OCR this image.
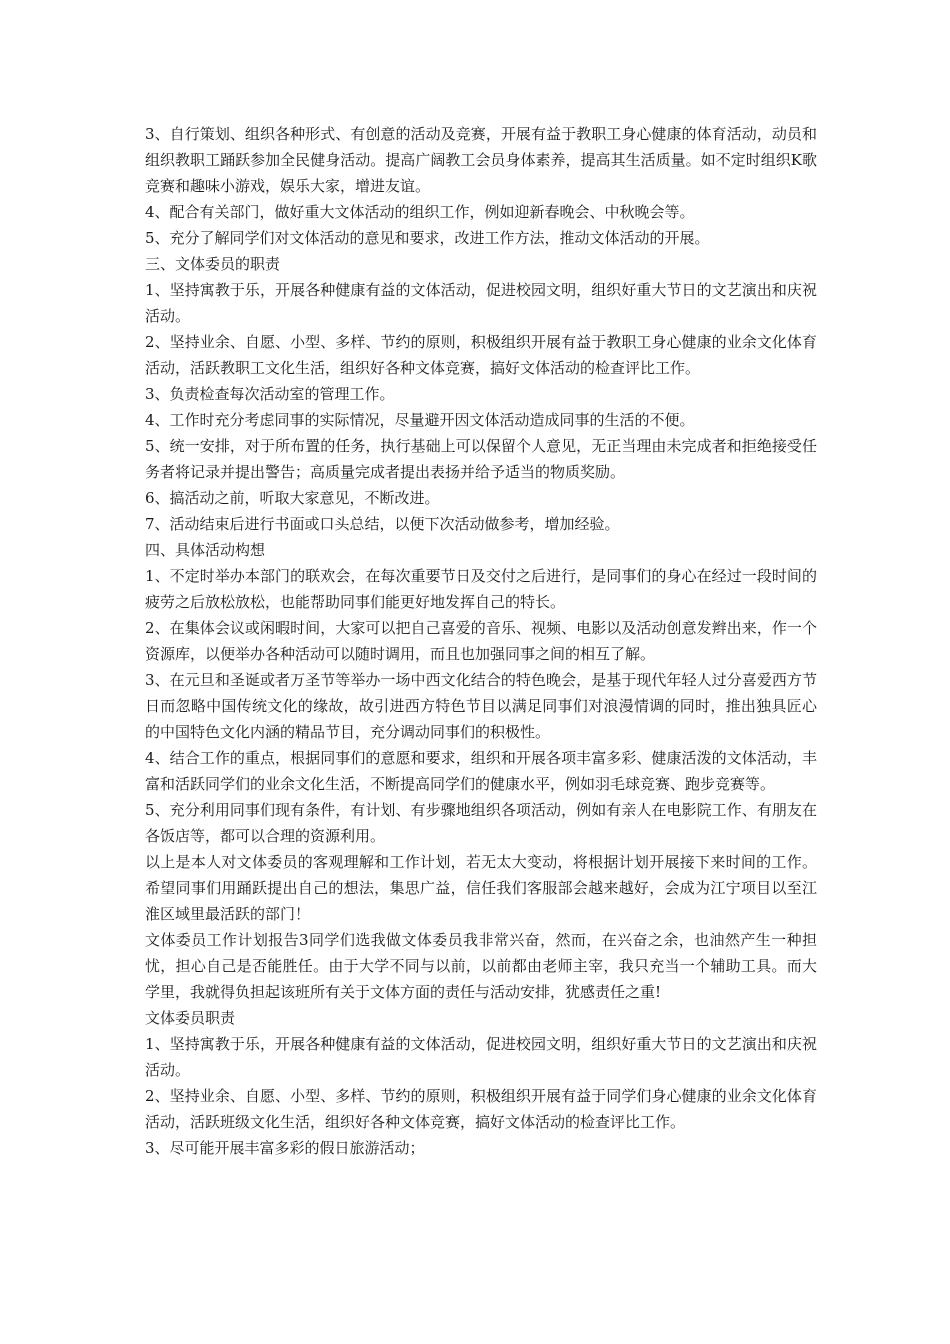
3、自行策划、组织各种形式、有创意的活动及竞赛，开展有益于教职工身心健康的体育活动，动员和组织教职工踊跃参加全民健身活动。提高广阔教工会员身体素养，提高其生活质量。如不定时组织K歌竞赛和趣味小游戏，娱乐大家，增进友谊。

4、配合有关部门，做好重大文体活动的组织工作，例如迎新春晚会、中秋晚会等。

5、充分了解同学们对文体活动的意见和要求，改进工作方法，推动文体活动的开展。

三、文体委员的职责

1、坚持寓教于乐，开展各种健康有益的文体活动，促进校园文明，组织好重大节日的文艺演出和庆祝活动。

2、坚持业余、自愿、小型、多样、节约的原则，积极组织开展有益于教职工身心健康的业余文化体育活动，活跃教职工文化生活，组织好各种文体竞赛，搞好文体活动的检查评比工作。

3、负责检查每次活动室的管理工作。

4、工作时充分考虑同事的实际情况，尽量避开因文体活动造成同事的生活的不便。

5、统一安排，对于所布置的任务，执行基础上可以保留个人意见，无正当理由未完成者和拒绝接受任务者将记录并提出警告；高质量完成者提出表扬并给予适当的物质奖励。

6、搞活动之前，听取大家意见，不断改进。

7、活动结束后进行书面或口头总结，以便下次活动做参考，增加经验。

四、具体活动构想

1、不定时举办本部门的联欢会，在每次重要节日及交付之后进行，是同事们的身心在经过一段时间的疲劳之后放松放松，也能帮助同事们能更好地发挥自己的特长。

2、在集体会议或闲暇时间，大家可以把自己喜爱的音乐、视频、电影以及活动创意发辫出来，作一个资源库，以便举办各种活动可以随时调用，而且也加强同事之间的相互了解。

3、在元旦和圣诞或者万圣节等举办一场中西文化结合的特色晚会，是基于现代年轻人过分喜爱西方节日而忽略中国传统文化的缘故，故引进西方特色节目以满足同事们对浪漫情调的同时，推出独具匠心的中国特色文化内涵的精品节目，充分调动同事们的积极性。

4、结合工作的重点，根据同事们的意愿和要求，组织和开展各项丰富多彩、健康活泼的文体活动，丰富和活跃同学们的业余文化生活，不断提高同学们的健康水平，例如羽毛球竞赛、跑步竞赛等。

5、充分利用同事们现有条件，有计划、有步骤地组织各项活动，例如有亲人在电影院工作、有朋友在各饭店等，都可以合理的资源利用。

以上是本人对文体委员的客观理解和工作计划，若无太大变动，将根据计划开展接下来时间的工作。希望同事们用踊跃提出自己的想法，集思广益，信任我们客服部会越来越好，会成为江宁项目以至江淮区域里最活跃的部门！

文体委员工作计划报告3同学们选我做文体委员我非常兴奋，然而，在兴奋之余，也油然产生一种担忧，担心自己是否能胜任。由于大学不同与以前，以前都由老师主宰，我只充当一个辅助工具。而大学里，我就得负担起该班所有关于文体方面的责任与活动安排，犹感责任之重!

文体委员职责

1、坚持寓教于乐，开展各种健康有益的文体活动，促进校园文明，组织好重大节日的文艺演出和庆祝活动。

2、坚持业余、自愿、小型、多样、节约的原则，积极组织开展有益于同学们身心健康的业余文化体育活动，活跃班级文化生活，组织好各种文体竞赛，搞好文体活动的检查评比工作。

3、尽可能开展丰富多彩的假日旅游活动；
